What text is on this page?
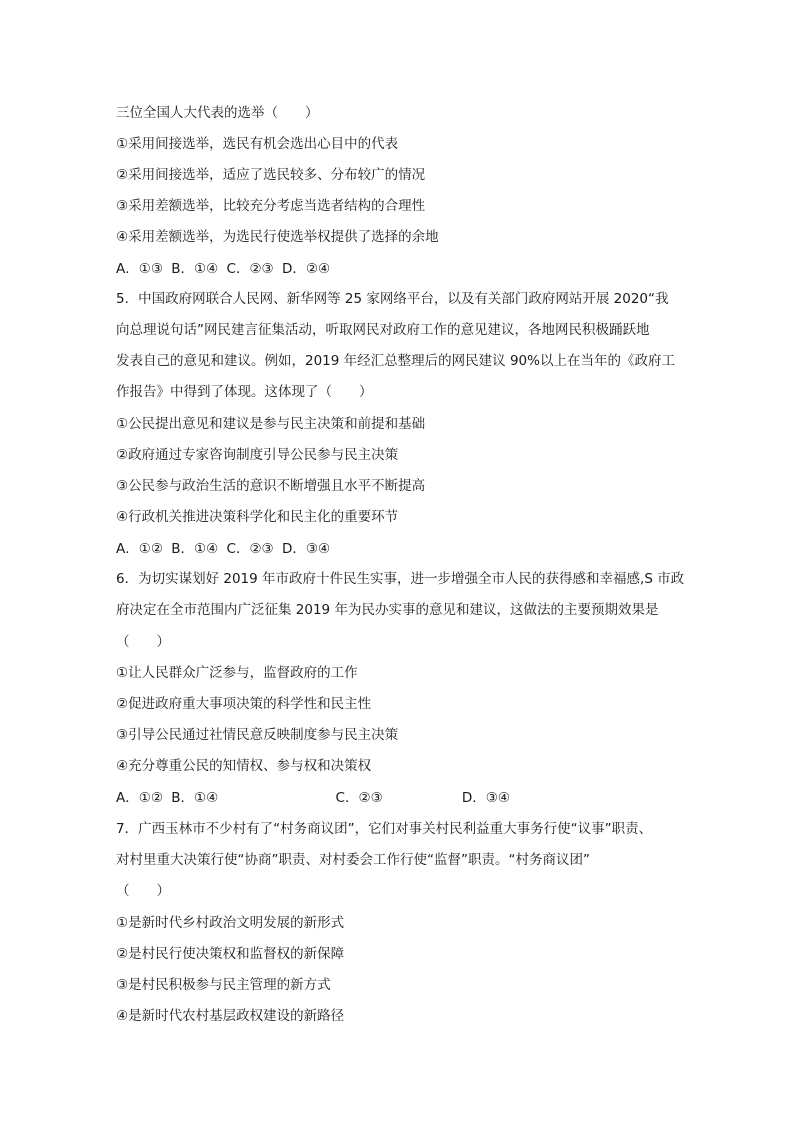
三位全国人大代表的选举（　　）
①采用间接选举，选民有机会选出心目中的代表
②采用间接选举，适应了选民较多、分布较广的情况
③采用差额选举，比较充分考虑当选者结构的合理性
④采用差额选举，为选民行使选举权提供了选择的余地
A．①③ B．①④ C．②③ D．②④
5．中国政府网联合人民网、新华网等 25 家网络平台，以及有关部门政府网站开展 2020“我
向总理说句话”网民建言征集活动，听取网民对政府工作的意见建议，各地网民积极踊跃地
发表自己的意见和建议。例如，2019 年经汇总整理后的网民建议 90%以上在当年的《政府工
作报告》中得到了体现。这体现了（　　）
①公民提出意见和建议是参与民主决策和前提和基础
②政府通过专家咨询制度引导公民参与民主决策
③公民参与政治生活的意识不断增强且水平不断提高
④行政机关推进决策科学化和民主化的重要环节
A．①② B．①④ C．②③ D．③④
6．为切实谋划好 2019 年市政府十件民生实事，进一步增强全市人民的获得感和幸福感,S 市政
府决定在全市范围内广泛征集 2019 年为民办实事的意见和建议，这做法的主要预期效果是
（　　）
①让人民群众广泛参与，监督政府的工作
②促进政府重大事项决策的科学性和民主性
③引导公民通过社情民意反映制度参与民主决策
④充分尊重公民的知情权、参与权和决策权
A．①② B．①④	C．②③	D．③④
7．广西玉林市不少村有了“村务商议团”，它们对事关村民利益重大事务行使“议事”职责、
对村里重大决策行使“协商”职责、对村委会工作行使“监督”职责。“村务商议团”
（　　）
①是新时代乡村政治文明发展的新形式
②是村民行使决策权和监督权的新保障
③是村民积极参与民主管理的新方式
④是新时代农村基层政权建设的新路径
